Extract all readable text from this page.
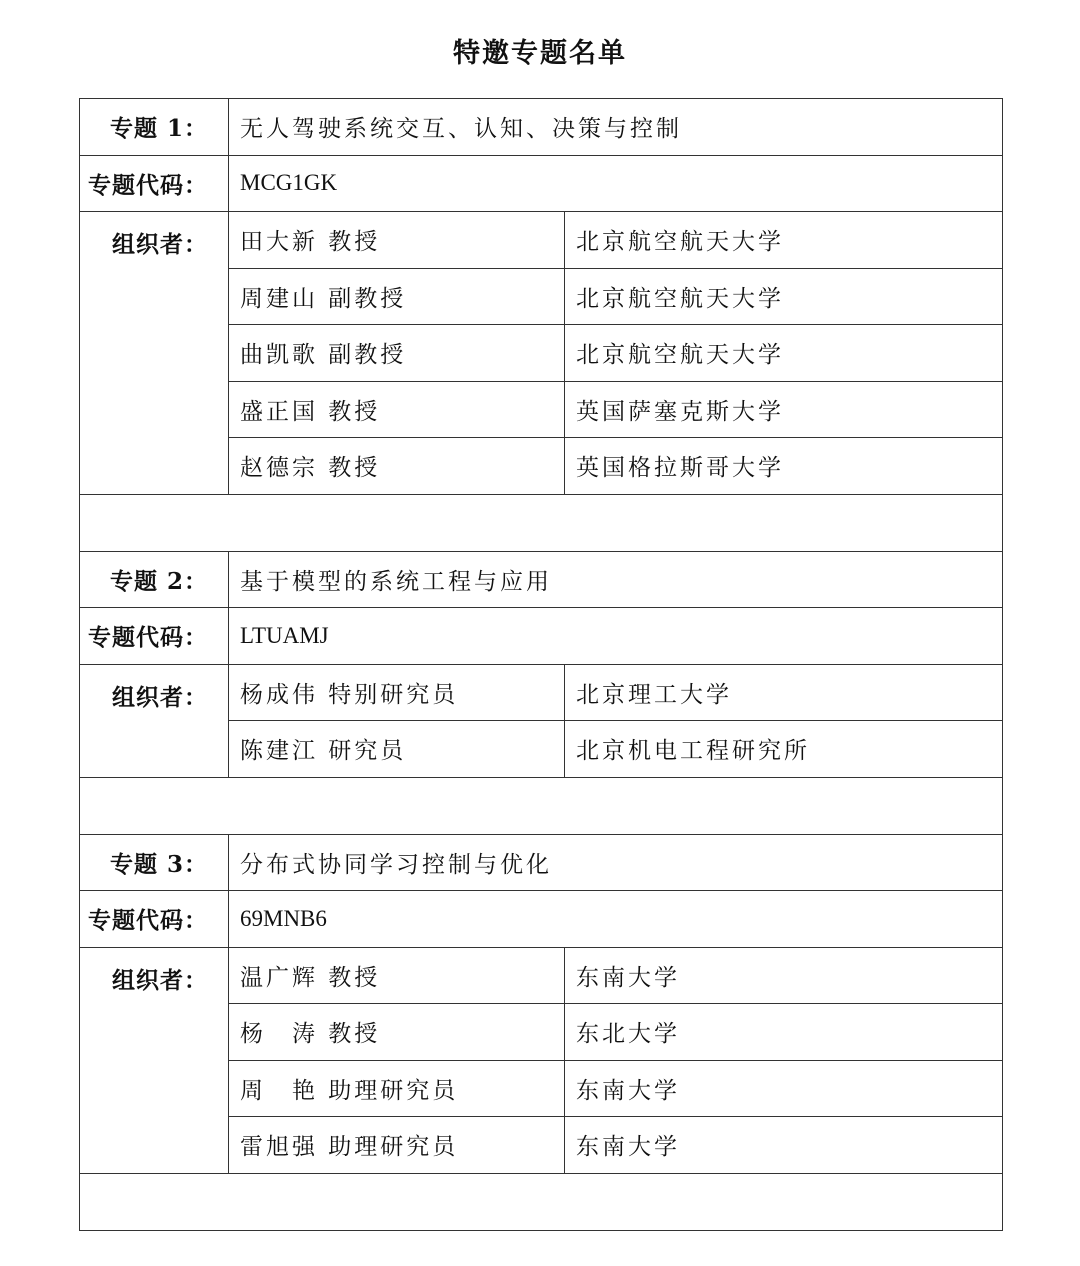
特邀专题名单
专题 1：	无人驾驶系统交互、认知、决策与控制	
专题代码：	MCG1GK	
组织者：	田大新 教授	北京航空航天大学
	周建山 副教授	北京航空航天大学
	曲凯歌 副教授	北京航空航天大学
	盛正国 教授	英国萨塞克斯大学
	赵德宗 教授	英国格拉斯哥大学

专题 2：	基于模型的系统工程与应用	
专题代码：	LTUAMJ	
组织者：	杨成伟 特别研究员	北京理工大学
	陈建江 研究员	北京机电工程研究所

专题 3：	分布式协同学习控制与优化	
专题代码：	69MNB6	
组织者：	温广辉 教授	东南大学
	杨　涛 教授	东北大学
	周　艳 助理研究员	东南大学
	雷旭强 助理研究员	东南大学
